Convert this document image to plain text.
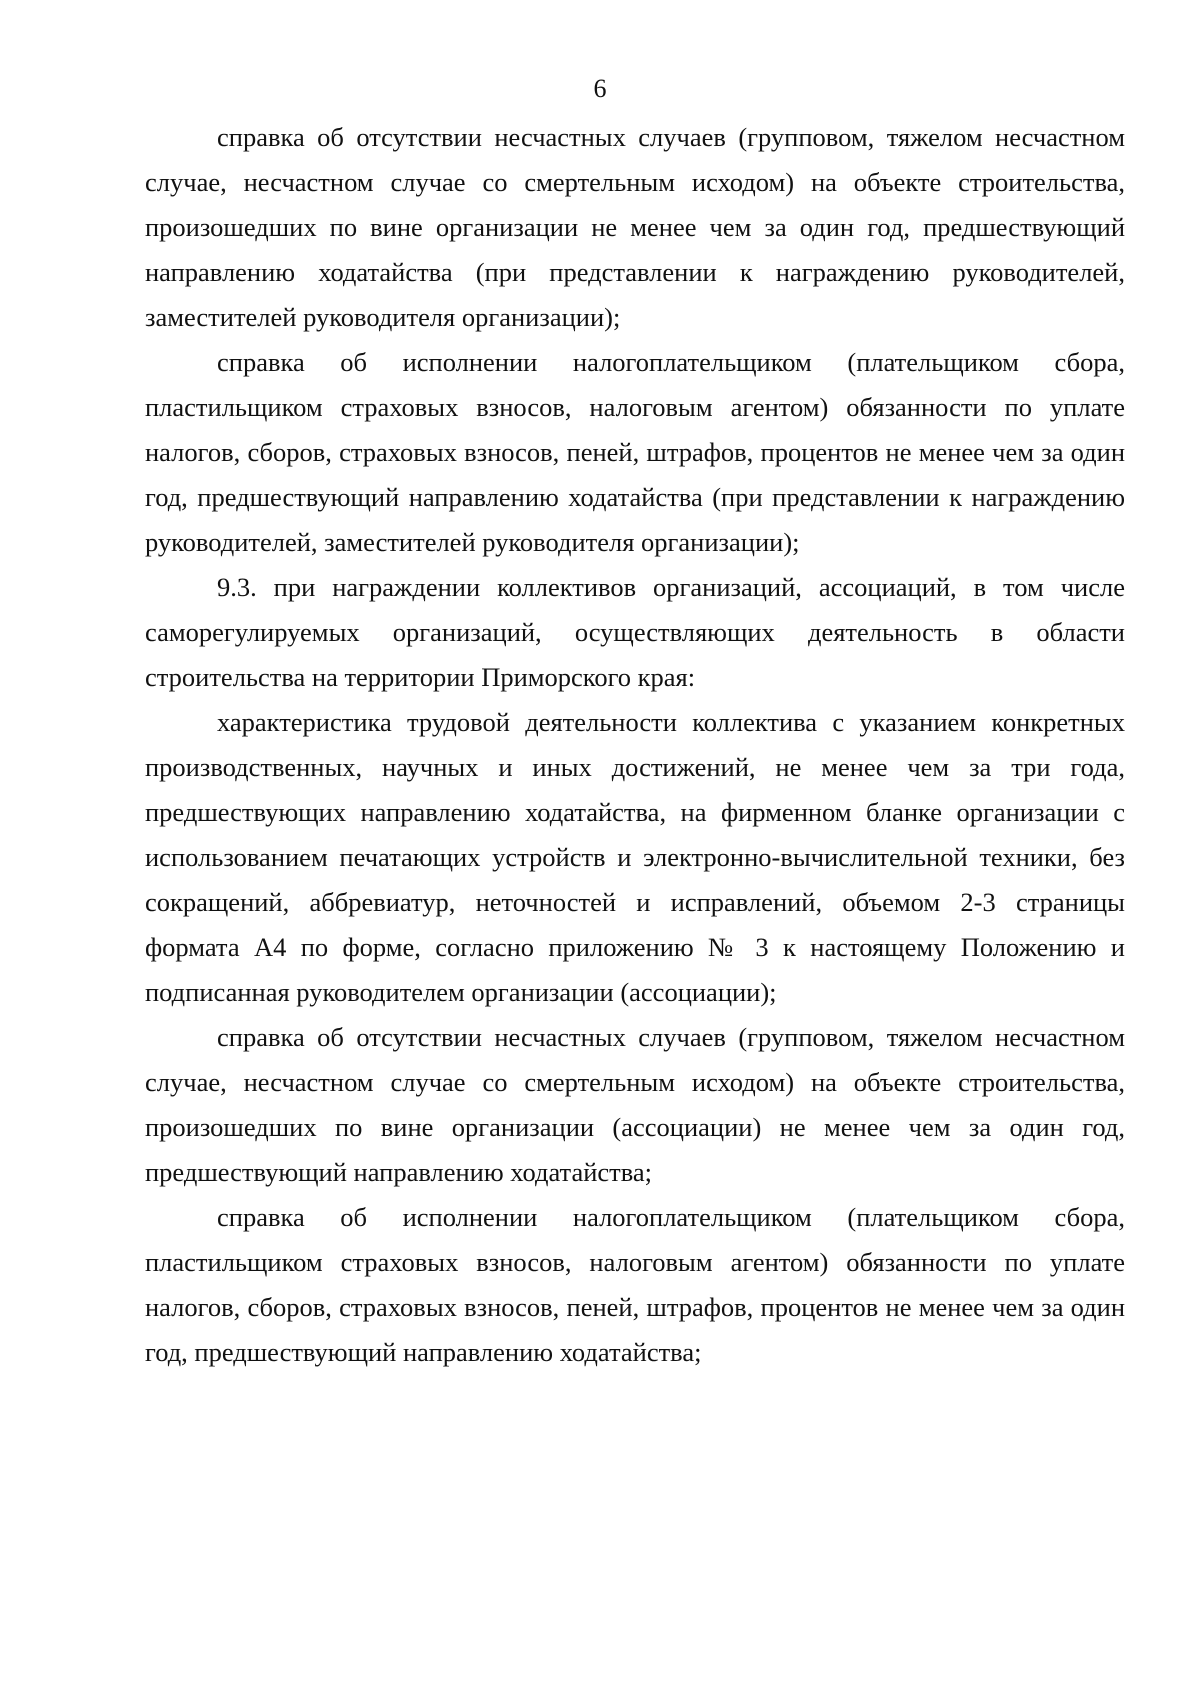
6

справка об отсутствии несчастных случаев (групповом, тяжелом несчастном случае, несчастном случае со смертельным исходом) на объекте строительства, произошедших по вине организации не менее чем за один год, предшествующий направлению ходатайства (при представлении к награждению руководителей, заместителей руководителя организации);

справка об исполнении налогоплательщиком (плательщиком сбора, пластильщиком страховых взносов, налоговым агентом) обязанности по уплате налогов, сборов, страховых взносов, пеней, штрафов, процентов не менее чем за один год, предшествующий направлению ходатайства (при представлении к награждению руководителей, заместителей руководителя организации);

9.3. при награждении коллективов организаций, ассоциаций, в том числе саморегулируемых организаций, осуществляющих деятельность в области строительства на территории Приморского края:

характеристика трудовой деятельности коллектива с указанием конкретных производственных, научных и иных достижений, не менее чем за три года, предшествующих направлению ходатайства, на фирменном бланке организации с использованием печатающих устройств и электронно-вычислительной техники, без сокращений, аббревиатур, неточностей и исправлений, объемом 2-3 страницы формата А4 по форме, согласно приложению № 3 к настоящему Положению и подписанная руководителем организации (ассоциации);

справка об отсутствии несчастных случаев (групповом, тяжелом несчастном случае, несчастном случае со смертельным исходом) на объекте строительства, произошедших по вине организации (ассоциации) не менее чем за один год, предшествующий направлению ходатайства;

справка об исполнении налогоплательщиком (плательщиком сбора, пластильщиком страховых взносов, налоговым агентом) обязанности по уплате налогов, сборов, страховых взносов, пеней, штрафов, процентов не менее чем за один год, предшествующий направлению ходатайства;
